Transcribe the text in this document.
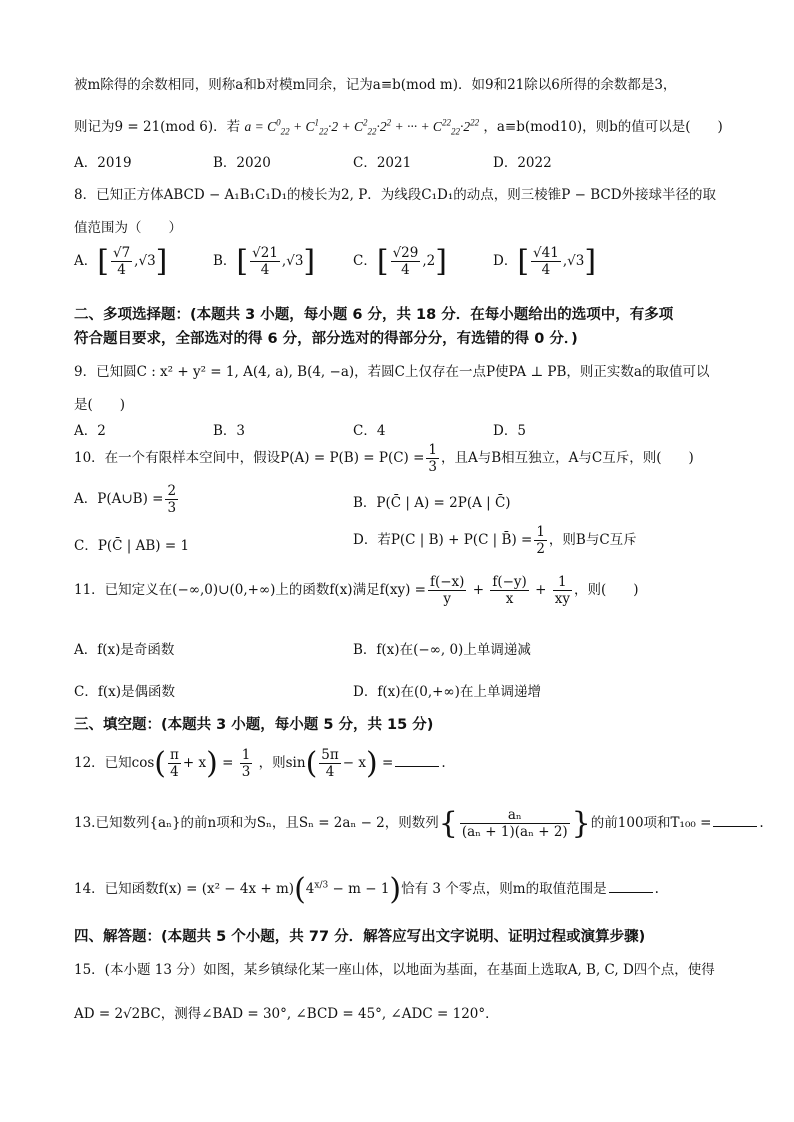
被m除得的余数相同，则称a和b对模m同余，记为a≡b(mod m)．如9和21除以6所得的余数都是3，
则记为9 = 21(mod 6)．若 $a = C^0_{22} + C^1_{22}\cdot 2 + C^2_{22}\cdot 2^2$ + ··· + $C^{22}_{22}\cdot 2^{22}$ ，a≡b(mod10)，则b的值可以是(　　)
A．2019	B．2020	C．2021	D．2022
8．已知正方体ABCD − A₁B₁C₁D₁的棱长为2, P．为线段C₁D₁的动点，则三棱锥P − BCD外接球半径的取
值范围为（　　）
A．[ $\frac{√7}{4} ,√3$]	B．[ $\frac{√21}{4} ,√3$]	C．[ $\frac{√29}{4} ,2$]	D．[ $\frac{√41}{4} ,√3$]
二、多项选择题：(本题共 3 小题，每小题 6 分，共 18 分．在每小题给出的选项中，有多项
符合题目要求，全部选对的得 6 分，部分选对的得部分分，有选错的得 0 分．)
9．已知圆C : x² + y² = 1, A(4, a), B(4, −a)，若圆C上仅存在一点P使PA ⊥ PB，则正实数a的取值可以
是(　　)
A．2	B．3	C．4	D．5
10．在一个有限样本空间中，假设$P(A) = P(B) = P(C) = \frac{1}{3}$ ，且A与B相互独立，A与C互斥，则(　　)
A．P(A∪B) = $\frac{2}{3}$	B．P(C̄ | A) = 2P(A | C̄)
C．P(C̄ | AB) = 1	D．若P(C | B) + P(C | B̄) = $\frac{1}{2}$ ，则B与C互斥
11．已知定义在(−∞,0)∪(0,+∞)上的函数f(x)满足$f(xy) = \frac{f(-x)}{y} + \frac{f(-y)}{x} + \frac{1}{xy}$ ，则(　　)
A．f(x)是奇函数	B．f(x)在(−∞, 0)上单调递减
C．f(x)是偶函数	D．f(x)在(0,+∞)在上单调递增
三、填空题：(本题共 3 小题，每小题 5 分，共 15 分)
12．已知$\cos( \frac{\pi}{4} + x) = \frac{1}{3}$ ，则$\sin( \frac{5\pi}{4} - x)$ =	.
13.已知数列{aₙ}的前n项和为Sₙ，且Sₙ = 2aₙ − 2，则数列{ $\frac{\text{aₙ}}{\text{(aₙ + 1)(aₙ + 2)}}$ }的前100项和T₁₀₀ =	.
14．已知函数$f(x) = (x^2 - 4x + m)(4^{x/3} - m - 1)$恰有 3 个零点，则m的取值范围是	.
四、解答题：(本题共 5 个小题，共 77 分．解答应写出文字说明、证明过程或演算步骤)
15．(本小题 13 分）如图，某乡镇绿化某一座山体，以地面为基面，在基面上选取A, B, C, D四个点，使得
AD = 2√2BC，测得∠BAD = 30°, ∠BCD = 45°, ∠ADC = 120°．
